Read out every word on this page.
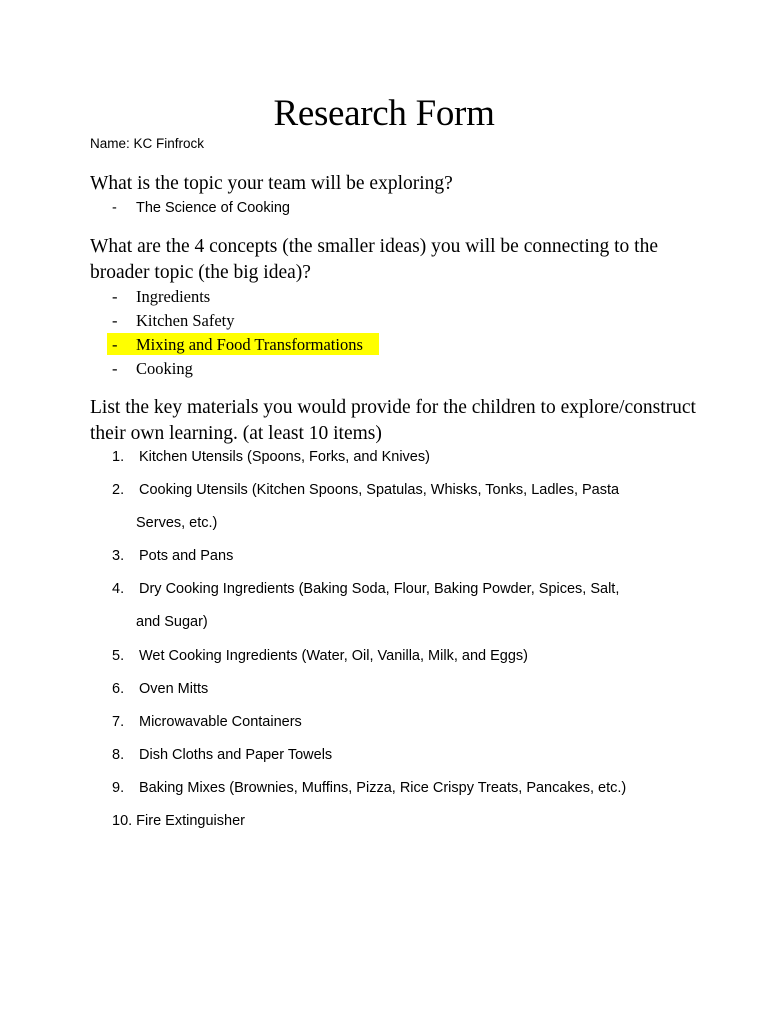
Research Form
Name: KC Finfrock
What is the topic your team will be exploring?
-	The Science of Cooking
What are the 4 concepts (the smaller ideas) you will be connecting to the broader topic (the big idea)?
-	Ingredients
-	Kitchen Safety
-	Mixing and Food Transformations
-	Cooking
List the key materials you would provide for the children to explore/construct their own learning. (at least 10 items)
1. Kitchen Utensils (Spoons, Forks, and Knives)
2. Cooking Utensils (Kitchen Spoons, Spatulas, Whisks, Tonks, Ladles, Pasta
Serves, etc.)
3. Pots and Pans
4. Dry Cooking Ingredients (Baking Soda, Flour, Baking Powder, Spices, Salt,
and Sugar)
5. Wet Cooking Ingredients (Water, Oil, Vanilla, Milk, and Eggs)
6. Oven Mitts
7. Microwavable Containers
8. Dish Cloths and Paper Towels
9. Baking Mixes (Brownies, Muffins, Pizza, Rice Crispy Treats, Pancakes, etc.)
10. Fire Extinguisher
